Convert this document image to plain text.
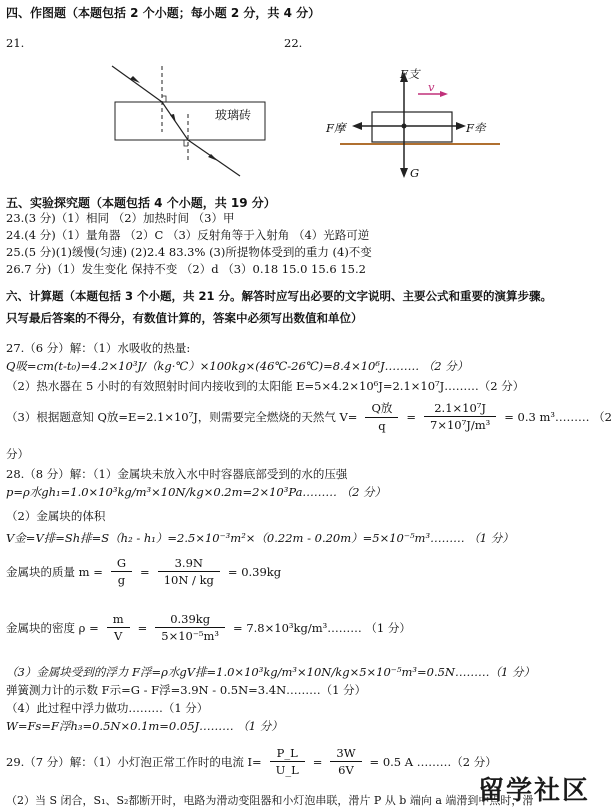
四、作图题（本题包括 2 个小题；每小题 2 分，共 4 分）
21.	22.
玻璃砖
F支
F摩	F牵
G
v
五、实验探究题（本题包括 4 个小题，共 19 分）
23.(3 分)（1）相同 （2）加热时间 （3）甲
24.(4 分)（1）量角器 （2）C （3）反射角等于入射角 （4）光路可逆
25.(5 分)(1)缓慢(匀速) (2)2.4 83.3% (3)所提物体受到的重力 (4)不变
26.7 分)（1）发生变化 保持不变 （2）d （3）0.18 15.0 15.6 15.2
六、计算题（本题包括 3 个小题，共 21 分。解答时应写出必要的文字说明、主要公式和重要的演算步骤。
只写最后答案的不得分，有数值计算的，答案中必须写出数值和单位）
27.（6 分）解：（1）水吸收的热量:
Q吸=cm(t-t₀)=4.2×10³J/（kg·℃）×100kg×(46℃-26℃)=8.4×10⁶J……… （2 分）
（2）热水器在 5 小时的有效照射时间内接收到的太阳能 E=5×4.2×10⁶J=2.1×10⁷J………（2 分）
（3）根据题意知 Q放=E=2.1×10⁷J，则需要完全燃烧的天然气 $V= \frac{\text{Q放}}{q} = \frac{\text{2.1×10⁷J}}{\text{7×10⁷J/m³}} = 0.3$ m³……… （2
分）
28.（8 分）解：（1）金属块未放入水中时容器底部受到的水的压强
p=ρ水gh₁=1.0×10³kg/m³×10N/kg×0.2m=2×10³Pa……… （2 分）
（2）金属块的体积
V金=V排=Sh排=S（h₂ - h₁）=2.5×10⁻³m²×（0.22m - 0.20m）=5×10⁻⁵m³……… （1 分）
金属块的质量 $m = \frac{G}{g} = \frac{3.9N}{10N / kg} = 0.39kg$
金属块的密度 $\rho = \frac{m}{V} = \frac{0.39kg}{\text{5×10⁻⁵m³}}$ = 7.8×10³kg/m³……… （1 分）
（3）金属块受到的浮力 F浮=ρ水gV排=1.0×10³kg/m³×10N/kg×5×10⁻⁵m³=0.5N………（1 分）
弹簧测力计的示数 F示=G - F浮=3.9N - 0.5N=3.4N………（1 分）
（4）此过程中浮力做功………（1 分）
W=Fs=F浮h₃=0.5N×0.1m=0.05J……… （1 分）
29.（7 分）解：（1）小灯泡正常工作时的电流 $I= \frac{P\_L}{U\_L} = \frac{3W}{6V} = 0.5$ A ………（2 分）
（2）当 S 闭合，S₁、S₂都断开时，电路为滑动变阻器和小灯泡串联，滑片 P 从 b 端向 a 端滑到中点时，滑
留学社区
